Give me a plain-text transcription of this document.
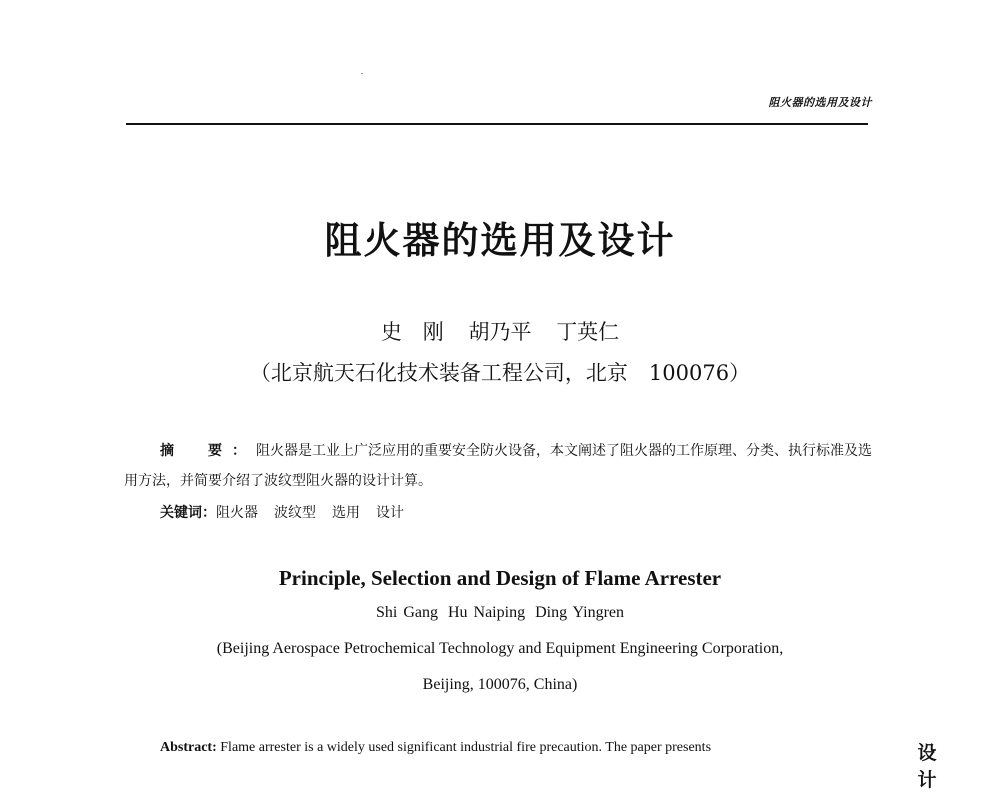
阻火器的选用及设计
阻火器的选用及设计
史　刚 胡乃平 丁英仁
（北京航天石化技术装备工程公司，北京　100076）
摘　要：阻火器是工业上广泛应用的重要安全防火设备，本文阐述了阻火器的工作原理、分类、执行标准及选用方法，并简要介绍了波纹型阻火器的设计计算。
关键词：阻火器 波纹型 选用 设计
Principle, Selection and Design of Flame Arrester
Shi Gang Hu Naiping Ding Yingren
(Beijing Aerospace Petrochemical Technology and Equipment Engineering Corporation,
Beijing, 100076, China)
Abstract: Flame arrester is a widely used significant industrial fire precaution. The paper presents	设
计
